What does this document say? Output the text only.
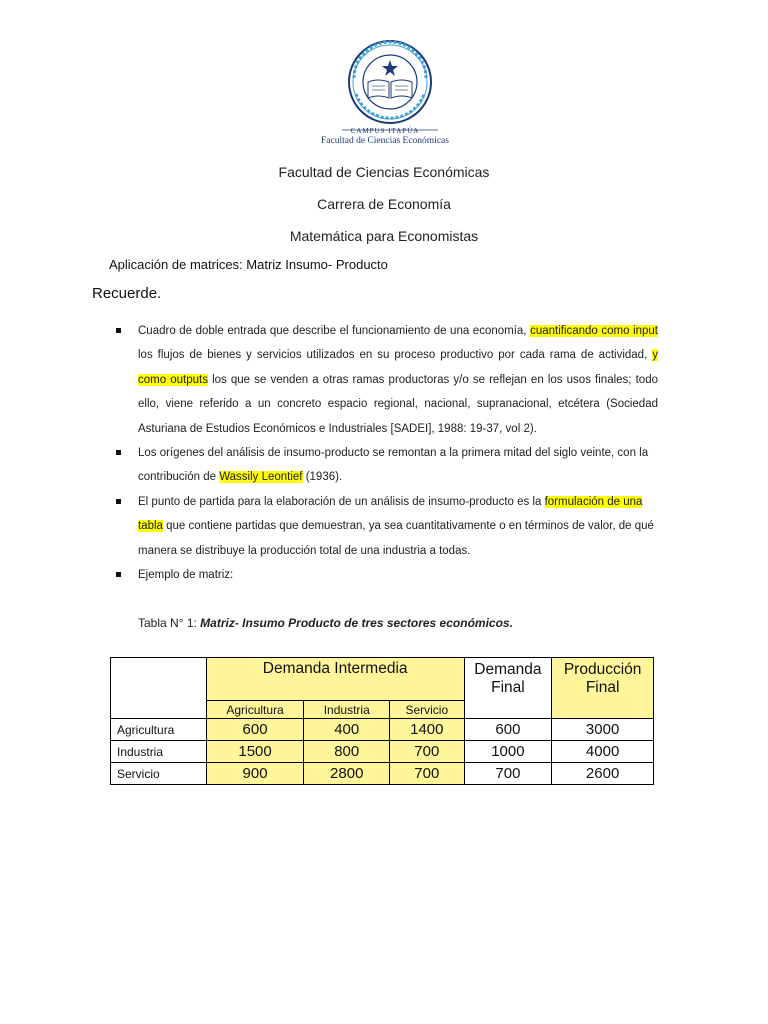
CAMPUS ITAPÚA
Facultad de Ciencias Económicas
Facultad de Ciencias Económicas
Carrera de Economía
Matemática para Economistas
Aplicación de matrices: Matriz Insumo- Producto
Recuerde.
Cuadro de doble entrada que describe el funcionamiento de una economía, cuantificando como input los flujos de bienes y servicios utilizados en su proceso productivo por cada rama de actividad, y como outputs los que se venden a otras ramas productoras y/o se reflejan en los usos finales; todo ello, viene referido a un concreto espacio regional, nacional, supranacional, etcétera (Sociedad Asturiana de Estudios Económicos e Industriales [SADEI], 1988: 19-37, vol 2).
Los orígenes del análisis de insumo-producto se remontan a la primera mitad del siglo veinte, con la contribución de Wassily Leontief (1936).
El punto de partida para la elaboración de un análisis de insumo-producto es la formulación de una tabla que contiene partidas que demuestran, ya sea cuantitativamente o en términos de valor, de qué manera se distribuye la producción total de una industria a todas.
Ejemplo de matriz:
Tabla N° 1: Matriz- Insumo Producto de tres sectores económicos.
	Demanda Intermedia			Demanda Final	Producción Final
	Agricultura	Industria	Servicio		
Agricultura	600	400	1400	600	3000
Industria	1500	800	700	1000	4000
Servicio	900	2800	700	700	2600
